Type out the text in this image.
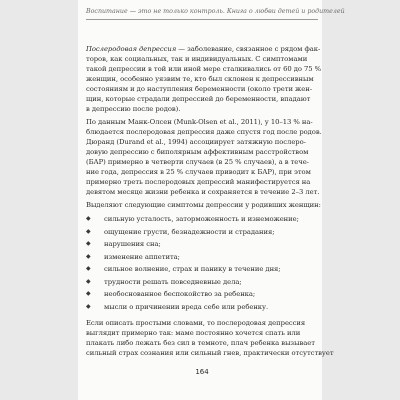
Воспитание — это не только контроль. Книга о любви детей и родителей
Послеродовая депрессия — заболевание, связанное с рядом фак-
торов, как социальных, так и индивидуальных. С симптомами
такой депрессии в той или иной мере сталкивались от 60 до 75 %
женщин, особенно уязвим те, кто был склонен к депрессивным
состояниям и до наступления беременности (около трети жен-
щин, которые страдали депрессией до беременности, впадают
в депрессию после родов).
По данным Манк-Олсен (Munk-Olsen et al., 2011), у 10–13 % на-
блюдается послеродовая депрессия даже спустя год после родов.
Дюранд (Durand et al., 1994) ассоциирует затяжную послеро-
довую депрессию с биполярным аффективным расстройством
(БАР) примерно в четверти случаев (в 25 % случаев), а в тече-
ние года, депрессия в 25 % случаев приводит к БАР), при этом
примерно треть послеродовых депрессий манифестируется на
девятом месяце жизни ребенка и сохраняется в течение 2–3 лет.
Выделяют следующие симптомы депрессии у родивших женщин:
◆ сильную усталость, заторможенность и изнеможение;
◆ ощущение грусти, безнадежности и страдания;
◆ нарушения сна;
◆ изменение аппетита;
◆ сильное волнение, страх и панику в течение дня;
◆ трудности решать повседневные дела;
◆ необоснованное беспокойство за ребенка;
◆ мысли о причинении вреда себе или ребенку.
Если описать простыми словами, то послеродовая депрессия
выглядит примерно так: маме постоянно хочется спать или
плакать либо лежать без сил в темноте, плач ребенка вызывает
сильный страх сознания или сильный гнев, практически отсутствует
164
